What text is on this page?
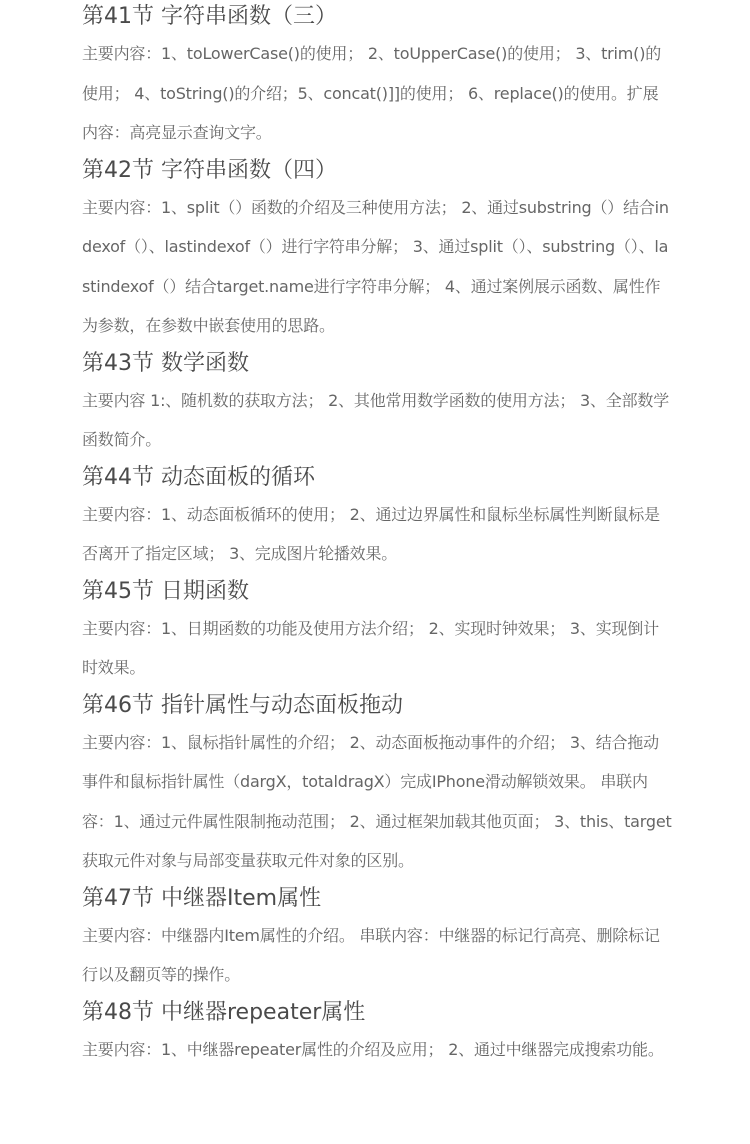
第41节 字符串函数（三）
主要内容：1、toLowerCase()的使用； 2、toUpperCase()的使用； 3、trim()的使用； 4、toString()的介绍；5、concat()]]的使用； 6、replace()的使用。扩展内容：高亮显示查询文字。
第42节 字符串函数（四）
主要内容：1、split（）函数的介绍及三种使用方法； 2、通过substring（）结合indexof（）、lastindexof（）进行字符串分解； 3、通过split（）、substring（）、lastindexof（）结合target.name进行字符串分解； 4、通过案例展示函数、属性作为参数，在参数中嵌套使用的思路。
第43节 数学函数
主要内容 1:、随机数的获取方法； 2、其他常用数学函数的使用方法； 3、全部数学函数简介。
第44节 动态面板的循环
主要内容：1、动态面板循环的使用； 2、通过边界属性和鼠标坐标属性判断鼠标是否离开了指定区域； 3、完成图片轮播效果。
第45节 日期函数
主要内容：1、日期函数的功能及使用方法介绍； 2、实现时钟效果； 3、实现倒计时效果。
第46节 指针属性与动态面板拖动
主要内容：1、鼠标指针属性的介绍； 2、动态面板拖动事件的介绍； 3、结合拖动事件和鼠标指针属性（dargX，totaldragX）完成IPhone滑动解锁效果。 串联内容：1、通过元件属性限制拖动范围； 2、通过框架加载其他页面； 3、this、target获取元件对象与局部变量获取元件对象的区别。
第47节 中继器Item属性
主要内容：中继器内Item属性的介绍。 串联内容：中继器的标记行高亮、删除标记行以及翻页等的操作。
第48节 中继器repeater属性
主要内容：1、中继器repeater属性的介绍及应用； 2、通过中继器完成搜索功能。
